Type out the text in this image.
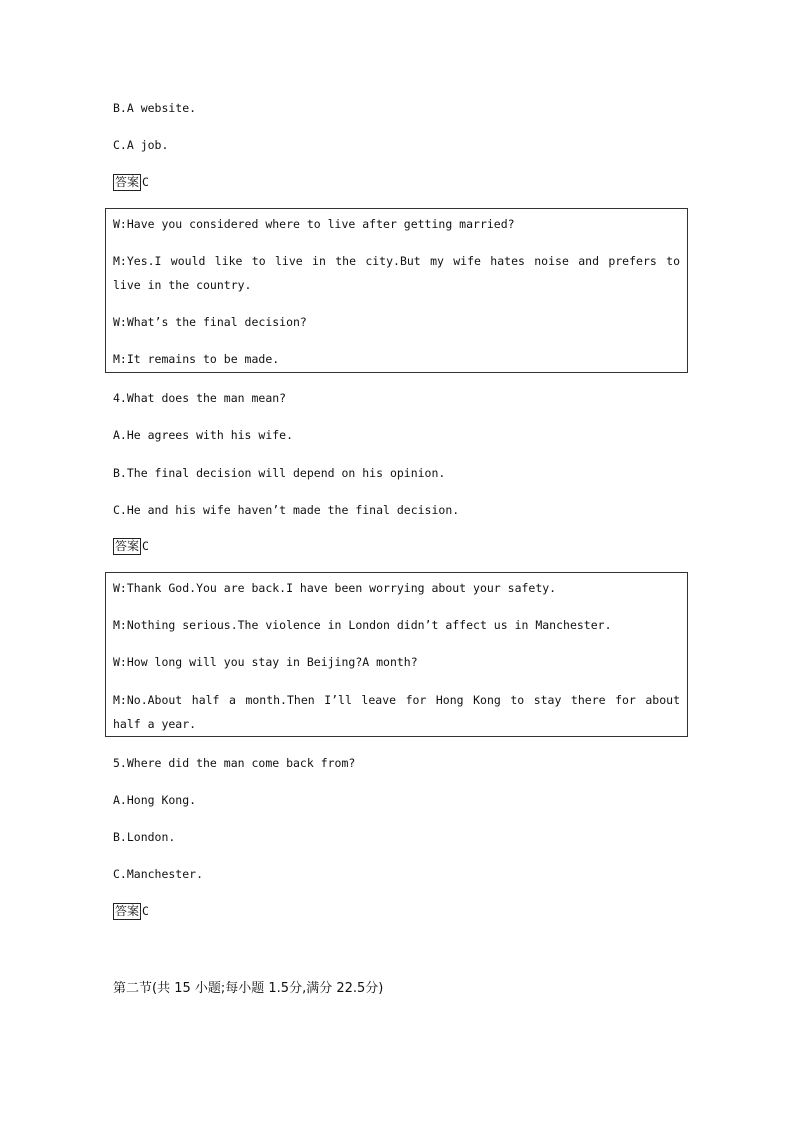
B.A website.
C.A job.
答案 C
W:Have you considered where to live after getting married?
M:Yes.I would like to live in the city.But my wife hates noise and prefers to live in the country.
W:What’s the final decision?
M:It remains to be made.
4.What does the man mean?
A.He agrees with his wife.
B.The final decision will depend on his opinion.
C.He and his wife haven’t made the final decision.
答案 C
W:Thank God.You are back.I have been worrying about your safety.
M:Nothing serious.The violence in London didn’t affect us in Manchester.
W:How long will you stay in Beijing?A month?
M:No.About half a month.Then I’ll leave for Hong Kong to stay there for about half a year.
5.Where did the man come back from?
A.Hong Kong.
B.London.
C.Manchester.
答案 C
第二节(共 15 小题;每小题 1.5分,满分 22.5分)
